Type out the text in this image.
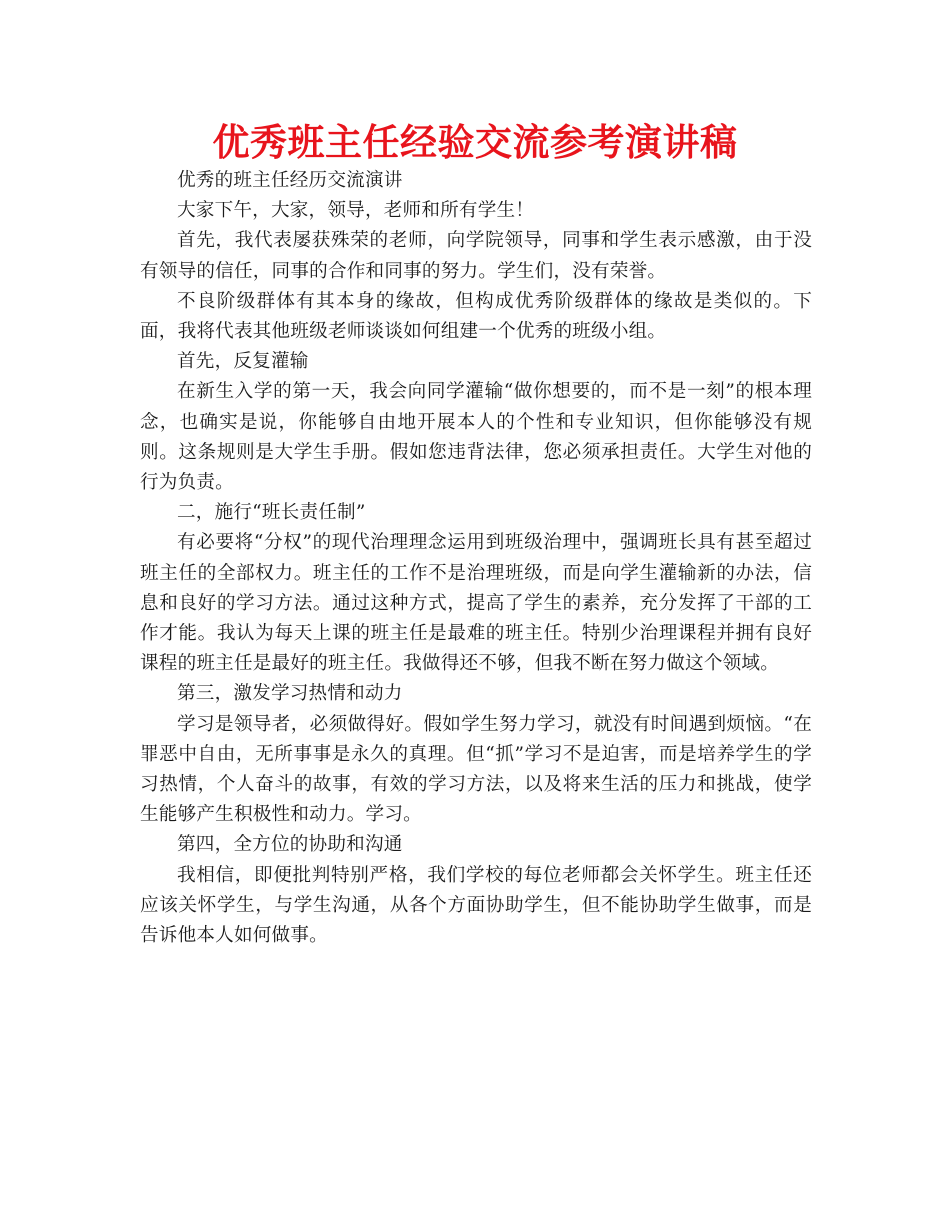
优秀班主任经验交流参考演讲稿

优秀的班主任经历交流演讲

大家下午，大家，领导，老师和所有学生！

首先，我代表屡获殊荣的老师，向学院领导，同事和学生表示感激，由于没有领导的信任，同事的合作和同事的努力。学生们，没有荣誉。

不良阶级群体有其本身的缘故，但构成优秀阶级群体的缘故是类似的。下面，我将代表其他班级老师谈谈如何组建一个优秀的班级小组。

首先，反复灌输

在新生入学的第一天，我会向同学灌输“做你想要的，而不是一刻”的根本理念，也确实是说，你能够自由地开展本人的个性和专业知识，但你能够没有规则。这条规则是大学生手册。假如您违背法律，您必须承担责任。大学生对他的行为负责。

二，施行“班长责任制”

有必要将“分权”的现代治理理念运用到班级治理中，强调班长具有甚至超过班主任的全部权力。班主任的工作不是治理班级，而是向学生灌输新的办法，信息和良好的学习方法。通过这种方式，提高了学生的素养，充分发挥了干部的工作才能。我认为每天上课的班主任是最难的班主任。特别少治理课程并拥有良好课程的班主任是最好的班主任。我做得还不够，但我不断在努力做这个领域。

第三，激发学习热情和动力

学习是领导者，必须做得好。假如学生努力学习，就没有时间遇到烦恼。“在罪恶中自由，无所事事是永久的真理。但“抓”学习不是迫害，而是培养学生的学习热情，个人奋斗的故事，有效的学习方法，以及将来生活的压力和挑战，使学生能够产生积极性和动力。学习。

第四，全方位的协助和沟通

我相信，即便批判特别严格，我们学校的每位老师都会关怀学生。班主任还应该关怀学生，与学生沟通，从各个方面协助学生，但不能协助学生做事，而是告诉他本人如何做事。
